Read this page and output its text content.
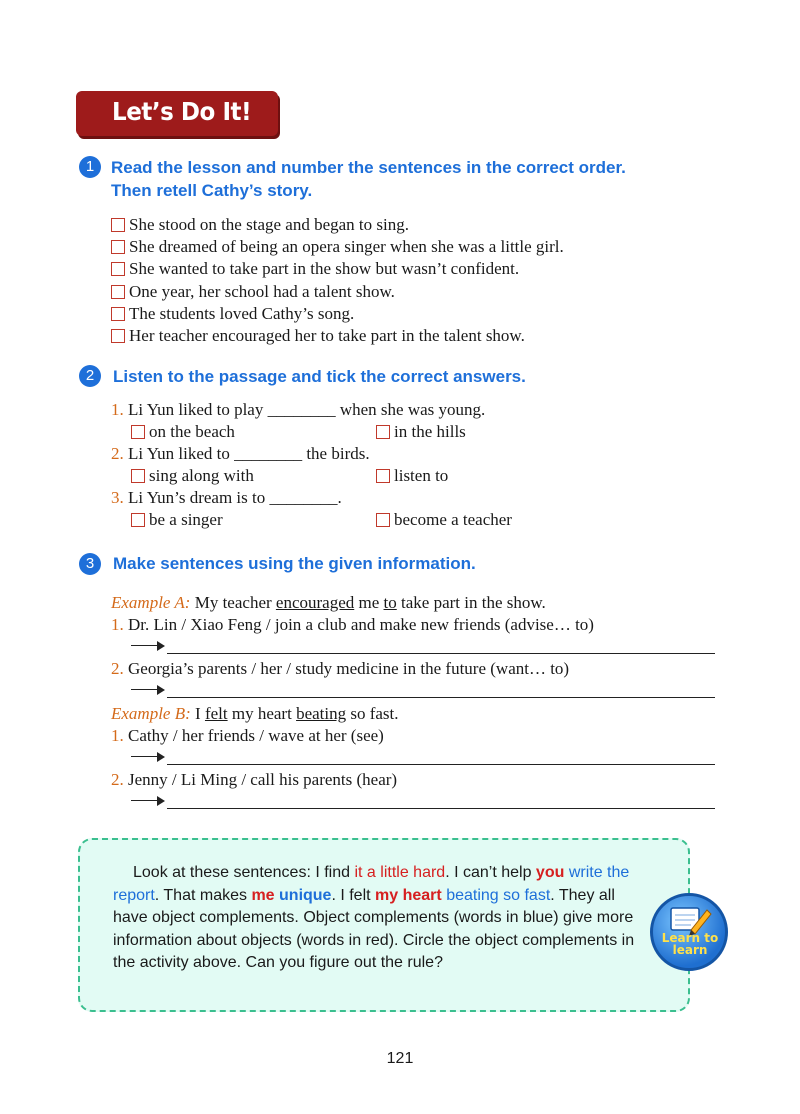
Let’s Do It!
1 Read the lesson and number the sentences in the correct order.
Then retell Cathy’s story.
She stood on the stage and began to sing.
She dreamed of being an opera singer when she was a little girl.
She wanted to take part in the show but wasn’t confident.
One year, her school had a talent show.
The students loved Cathy’s song.
Her teacher encouraged her to take part in the talent show.
2	Listen to the passage and tick the correct answers.
1. Li Yun liked to play ________ when she was young.
on the beach	in the hills
2. Li Yun liked to ________ the birds.
sing along with	listen to
3. Li Yun’s dream is to ________.
be a singer	become a teacher
3	Make sentences using the given information.
Example A: My teacher encouraged me to take part in the show.
1. Dr. Lin / Xiao Feng / join a club and make new friends (advise… to)
2. Georgia’s parents / her / study medicine in the future (want… to)
Example B: I felt my heart beating so fast.
1. Cathy / her friends / wave at her (see)
2. Jenny / Li Ming / call his parents (hear)
Look at these sentences: I find it a little hard. I can’t help you write the report. That makes me unique. I felt my heart beating so fast. They all have object complements. Object complements (words in blue) give more information about objects (words in red). Circle the object complements in the activity above. Can you figure out the rule?
Learn to
learn
121
